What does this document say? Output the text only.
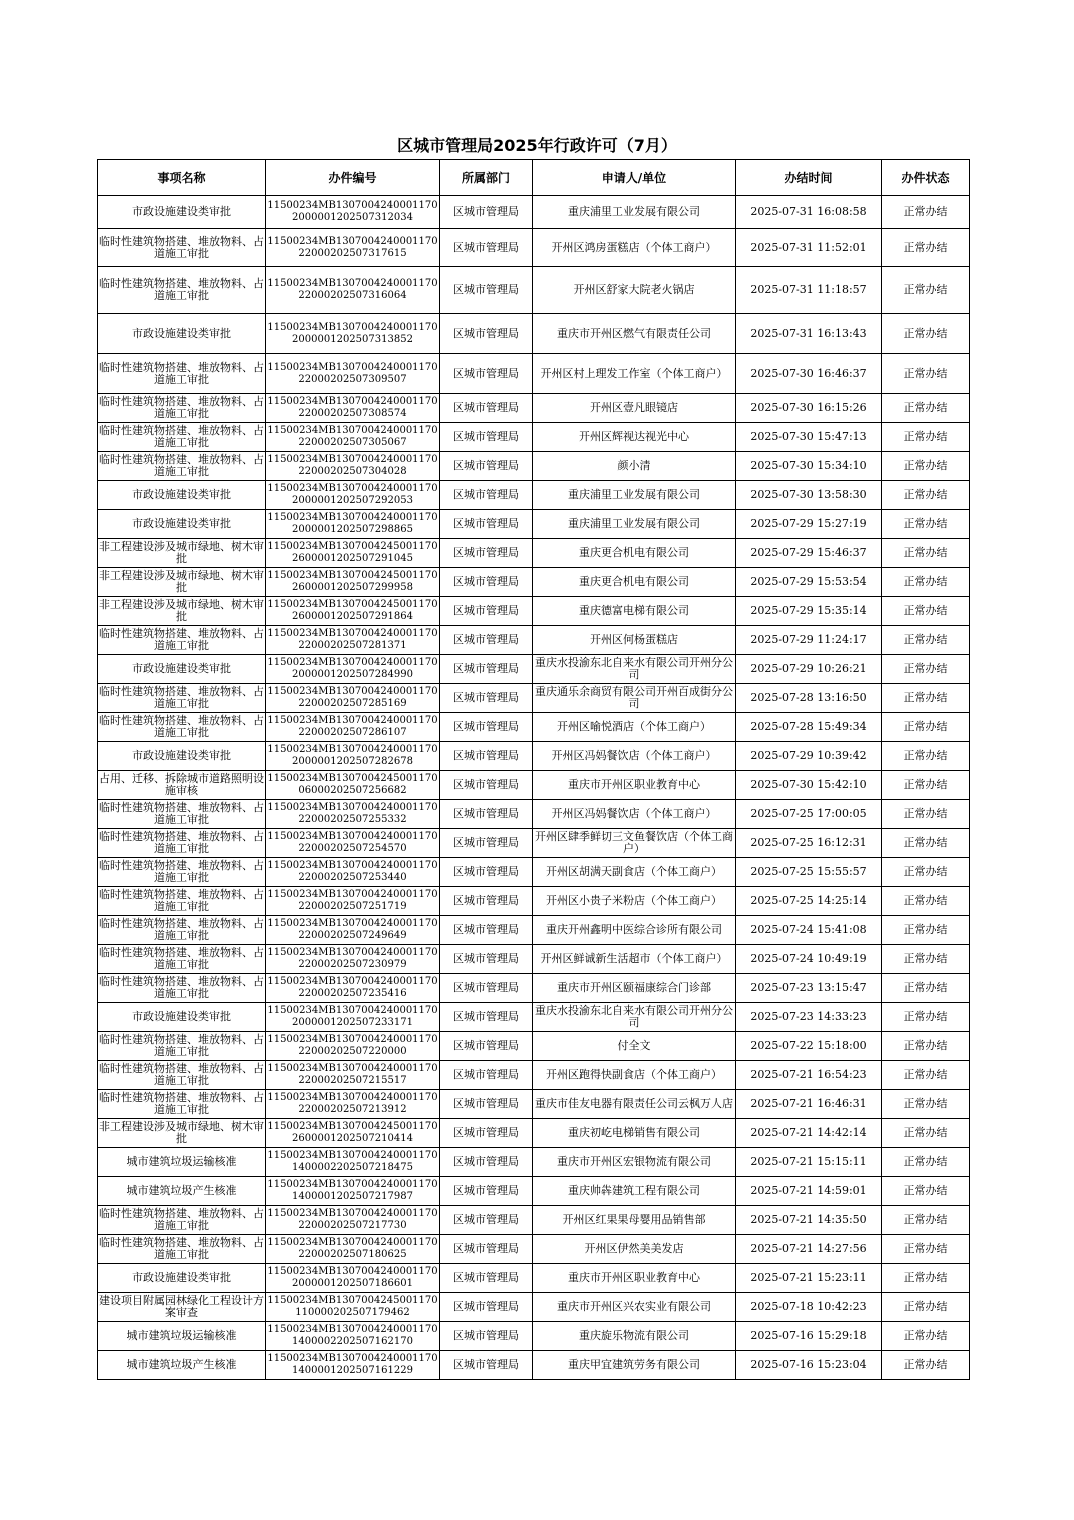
区城市管理局2025年行政许可（7月）
事项名称	办件编号	所属部门	申请人/单位	办结时间	办件状态
市政设施建设类审批	11500234MB13070042400011702000001202507312034	区城市管理局	重庆浦里工业发展有限公司	2025-07-31 16:08:58	正常办结
临时性建筑物搭建、堆放物料、占道施工审批	11500234MB130700424000117022000202507317615	区城市管理局	开州区鸿房蛋糕店（个体工商户）	2025-07-31 11:52:01	正常办结
临时性建筑物搭建、堆放物料、占道施工审批	11500234MB130700424000117022000202507316064	区城市管理局	开州区舒家大院老火锅店	2025-07-31 11:18:57	正常办结
市政设施建设类审批	11500234MB13070042400011702000001202507313852	区城市管理局	重庆市开州区燃气有限责任公司	2025-07-31 16:13:43	正常办结
临时性建筑物搭建、堆放物料、占道施工审批	11500234MB130700424000117022000202507309507	区城市管理局	开州区村上理发工作室（个体工商户）	2025-07-30 16:46:37	正常办结
临时性建筑物搭建、堆放物料、占道施工审批	11500234MB130700424000117022000202507308574	区城市管理局	开州区壹凡眼镜店	2025-07-30 16:15:26	正常办结
临时性建筑物搭建、堆放物料、占道施工审批	11500234MB130700424000117022000202507305067	区城市管理局	开州区辉视达视光中心	2025-07-30 15:47:13	正常办结
临时性建筑物搭建、堆放物料、占道施工审批	11500234MB130700424000117022000202507304028	区城市管理局	颜小清	2025-07-30 15:34:10	正常办结
市政设施建设类审批	11500234MB13070042400011702000001202507292053	区城市管理局	重庆浦里工业发展有限公司	2025-07-30 13:58:30	正常办结
市政设施建设类审批	11500234MB13070042400011702000001202507298865	区城市管理局	重庆浦里工业发展有限公司	2025-07-29 15:27:19	正常办结
非工程建设涉及城市绿地、树木审批	11500234MB13070042450011702600001202507291045	区城市管理局	重庆更合机电有限公司	2025-07-29 15:46:37	正常办结
非工程建设涉及城市绿地、树木审批	11500234MB13070042450011702600001202507299958	区城市管理局	重庆更合机电有限公司	2025-07-29 15:53:54	正常办结
非工程建设涉及城市绿地、树木审批	11500234MB13070042450011702600001202507291864	区城市管理局	重庆德富电梯有限公司	2025-07-29 15:35:14	正常办结
临时性建筑物搭建、堆放物料、占道施工审批	11500234MB130700424000117022000202507281371	区城市管理局	开州区何杨蛋糕店	2025-07-29 11:24:17	正常办结
市政设施建设类审批	11500234MB13070042400011702000001202507284990	区城市管理局	重庆水投渝东北自来水有限公司开州分公司	2025-07-29 10:26:21	正常办结
临时性建筑物搭建、堆放物料、占道施工审批	11500234MB130700424000117022000202507285169	区城市管理局	重庆通乐余商贸有限公司开州百成街分公司	2025-07-28 13:16:50	正常办结
临时性建筑物搭建、堆放物料、占道施工审批	11500234MB130700424000117022000202507286107	区城市管理局	开州区喻悦酒店（个体工商户）	2025-07-28 15:49:34	正常办结
市政设施建设类审批	11500234MB13070042400011702000001202507282678	区城市管理局	开州区冯妈餐饮店（个体工商户）	2025-07-29 10:39:42	正常办结
占用、迁移、拆除城市道路照明设施审核	11500234MB13070042450011700600020250725668​2	区城市管理局	重庆市开州区职业教育中心	2025-07-30 15:42:10	正常办结
临时性建筑物搭建、堆放物料、占道施工审批	11500234MB130700424000117022000202507255332	区城市管理局	开州区冯妈餐饮店（个体工商户）	2025-07-25 17:00:05	正常办结
临时性建筑物搭建、堆放物料、占道施工审批	11500234MB130700424000117022000202507254570	区城市管理局	开州区肆季鲜切三文鱼餐饮店（个体工商户）	2025-07-25 16:12:31	正常办结
临时性建筑物搭建、堆放物料、占道施工审批	11500234MB130700424000117022000202507253440	区城市管理局	开州区胡满天副食店（个体工商户）	2025-07-25 15:55:57	正常办结
临时性建筑物搭建、堆放物料、占道施工审批	11500234MB130700424000117022000202507251719	区城市管理局	开州区小贵子米粉店（个体工商户）	2025-07-25 14:25:14	正常办结
临时性建筑物搭建、堆放物料、占道施工审批	11500234MB130700424000117022000202507249649	区城市管理局	重庆开州鑫明中医综合诊所有限公司	2025-07-24 15:41:08	正常办结
临时性建筑物搭建、堆放物料、占道施工审批	11500234MB130700424000117022000202507230979	区城市管理局	开州区鲜诚新生活超市（个体工商户）	2025-07-24 10:49:19	正常办结
临时性建筑物搭建、堆放物料、占道施工审批	11500234MB130700424000117022000202507235416	区城市管理局	重庆市开州区颐福康综合门诊部	2025-07-23 13:15:47	正常办结
市政设施建设类审批	11500234MB13070042400011702000001202507233171	区城市管理局	重庆水投渝东北自来水有限公司开州分公司	2025-07-23 14:33:23	正常办结
临时性建筑物搭建、堆放物料、占道施工审批	11500234MB130700424000117022000202507220000	区城市管理局	付全文	2025-07-22 15:18:00	正常办结
临时性建筑物搭建、堆放物料、占道施工审批	11500234MB130700424000117022000202507215517	区城市管理局	开州区跑得快副食店（个体工商户）	2025-07-21 16:54:23	正常办结
临时性建筑物搭建、堆放物料、占道施工审批	11500234MB130700424000117022000202507213912	区城市管理局	重庆市佳友电器有限责任公司云枫万人店	2025-07-21 16:46:31	正常办结
非工程建设涉及城市绿地、树木审批	11500234MB13070042450011702600001202507210414	区城市管理局	重庆初屹电梯销售有限公司	2025-07-21 14:42:14	正常办结
城市建筑垃圾运输核准	11500234MB13070042400011701400002202507218475	区城市管理局	重庆市开州区宏银物流有限公司	2025-07-21 15:15:11	正常办结
城市建筑垃圾产生核准	11500234MB13070042400011701400001202507217987	区城市管理局	重庆帅犇建筑工程有限公司	2025-07-21 14:59:01	正常办结
临时性建筑物搭建、堆放物料、占道施工审批	11500234MB130700424000117022000202507217730	区城市管理局	开州区红果果母婴用品销售部	2025-07-21 14:35:50	正常办结
临时性建筑物搭建、堆放物料、占道施工审批	11500234MB130700424000117022000202507180625	区城市管理局	开州区伊然美美发店	2025-07-21 14:27:56	正常办结
市政设施建设类审批	11500234MB13070042400011702000001202507186601	区城市管理局	重庆市开州区职业教育中心	2025-07-21 15:23:11	正常办结
建设项目附属园林绿化工程设计方案审查	11500234MB13070042450011701100002025071794​62	区城市管理局	重庆市开州区兴农实业有限公司	2025-07-18 10:42:23	正常办结
城市建筑垃圾运输核准	11500234MB13070042400011701400002202507162170	区城市管理局	重庆旋乐物流有限公司	2025-07-16 15:29:18	正常办结
城市建筑垃圾产生核准	11500234MB13070042400011701400001202507161229	区城市管理局	重庆甲宜建筑劳务有限公司	2025-07-16 15:23:04	正常办结
